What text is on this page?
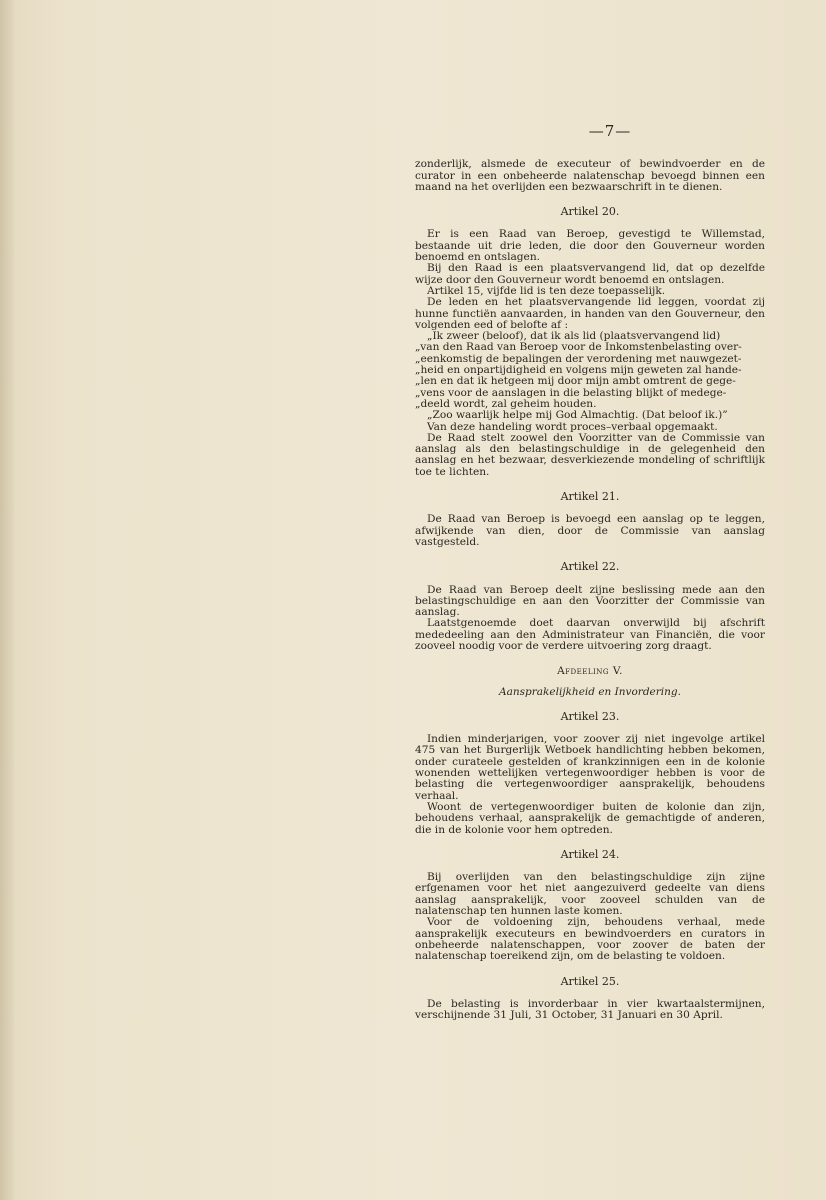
—7—

zonderlijk, alsmede de executeur of bewindvoerder en de curator in een onbeheerde nalatenschap bevoegd binnen een maand na het overlijden een bezwaarschrift in te dienen.

Artikel 20.

Er is een Raad van Beroep, gevestigd te Willemstad, bestaande uit drie leden, die door den Gouverneur worden benoemd en ontslagen.

Bij den Raad is een plaatsvervangend lid, dat op dezelfde wijze door den Gouverneur wordt benoemd en ontslagen.

Artikel 15, vijfde lid is ten deze toepasselijk.

De leden en het plaatsvervangende lid leggen, voordat zij hunne functiën aanvaarden, in handen van den Gouverneur, den volgenden eed of belofte af :

„Ik zweer (beloof), dat ik als lid (plaatsvervangend lid)

„van den Raad van Beroep voor de Inkomstenbelasting over-

„eenkomstig de bepalingen der verordening met nauwgezet-

„heid en onpartijdigheid en volgens mijn geweten zal hande-

„len en dat ik hetgeen mij door mijn ambt omtrent de gege-

„vens voor de aanslagen in die belasting blijkt of medege-

„deeld wordt, zal geheim houden.

„Zoo waarlijk helpe mij God Almachtig. (Dat beloof ik.)”

Van deze handeling wordt proces–verbaal opgemaakt.

De Raad stelt zoowel den Voorzitter van de Commissie van aanslag als den belastingschuldige in de gelegenheid den aanslag en het bezwaar, desverkiezende mondeling of schriftlijk toe te lichten.

Artikel 21.

De Raad van Beroep is bevoegd een aanslag op te leggen, afwijkende van dien, door de Commissie van aanslag vastgesteld.

Artikel 22.

De Raad van Beroep deelt zijne beslissing mede aan den belastingschuldige en aan den Voorzitter der Commissie van aanslag.

Laatstgenoemde doet daarvan onverwijld bij afschrift mededeeling aan den Administrateur van Financiën, die voor zooveel noodig voor de verdere uitvoering zorg draagt.

Afdeeling V.
Aansprakelijkheid en Invordering.
Artikel 23.

Indien minderjarigen, voor zoover zij niet ingevolge artikel 475 van het Burgerlijk Wetboek handlichting hebben bekomen, onder curateele gestelden of krankzinnigen een in de kolonie wonenden wettelijken vertegenwoordiger hebben is voor de belasting die vertegenwoordiger aansprakelijk, behoudens verhaal.

Woont de vertegenwoordiger buiten de kolonie dan zijn, behoudens verhaal, aansprakelijk de gemachtigde of anderen, die in de kolonie voor hem optreden.

Artikel 24.

Bij overlijden van den belastingschuldige zijn zijne erfgenamen voor het niet aangezuiverd gedeelte van diens aanslag aansprakelijk, voor zooveel schulden van de nalatenschap ten hunnen laste komen.

Voor de voldoening zijn, behoudens verhaal, mede aansprakelijk executeurs en bewindvoerders en curators in onbeheerde nalatenschappen, voor zoover de baten der nalatenschap toereikend zijn, om de belasting te voldoen.

Artikel 25.

De belasting is invorderbaar in vier kwartaalstermijnen, verschijnende 31 Juli, 31 October, 31 Januari en 30 April.
